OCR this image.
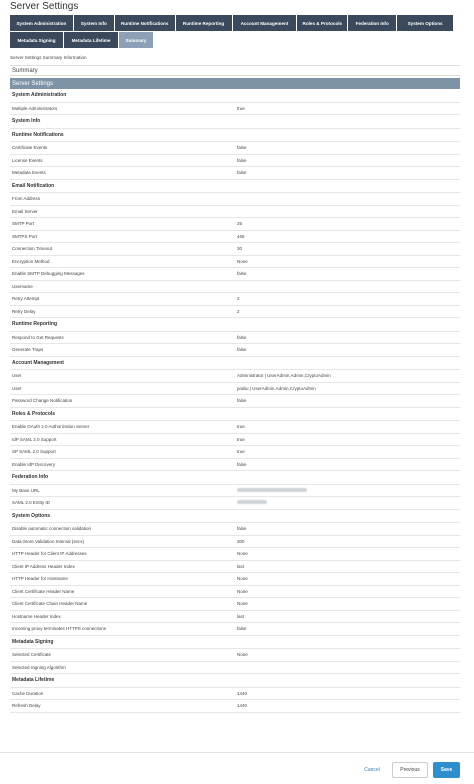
Server Settings
System Administration	System Info	Runtime Notifications	Runtime Reporting	Account Management	Roles & Protocols	Federation Info	System Options
Metadata Signing	Metadata Lifetime	Summary
Server Settings Summary Information
Summary
Server Settings
System Administration
Multiple Administrators	true
System Info
Runtime Notifications
Certificate Events	false
License Events	false
Metadata Events	false
Email Notification
From Address
Email Server
SMTP Port	25
SMTPS Port	465
Connection Timeout	30
Encryption Method	None
Enable SMTP Debugging Messages	false
Username
Retry Attempt	2
Retry Delay	2
Runtime Reporting
Respond to Get Requests	false
Generate Traps	false
Account Management
User	Administrator | UserAdmin,Admin,CryptoAdmin
User	prabu | UserAdmin,Admin,CryptoAdmin
Password Change Notification	false
Roles & Protocols
Enable OAuth 2.0 Authorization Server	true
IdP SAML 2.0 Support	true
SP SAML 2.0 Support	true
Enable IdP Discovery	false
Federation Info
My Base URL
SAML 2.0 Entity ID
System Options
Disable automatic connection validation	false
Data-Store Validation Interval (secs)	300
HTTP Header for Client IP Addresses	None
Client IP Address Header Index	last
HTTP Header for Hostname	None
Client Certificate Header Name	None
Client Certificate Chain Header Name	None
Hostname Header Index	last
Incoming proxy terminates HTTPS connections	false
Metadata Signing
Selected Certificate	None
Selected Signing Algorithm
Metadata Lifetime
Cache Duration	1440
Refresh Delay	1440
Cancel	Previous	Save
